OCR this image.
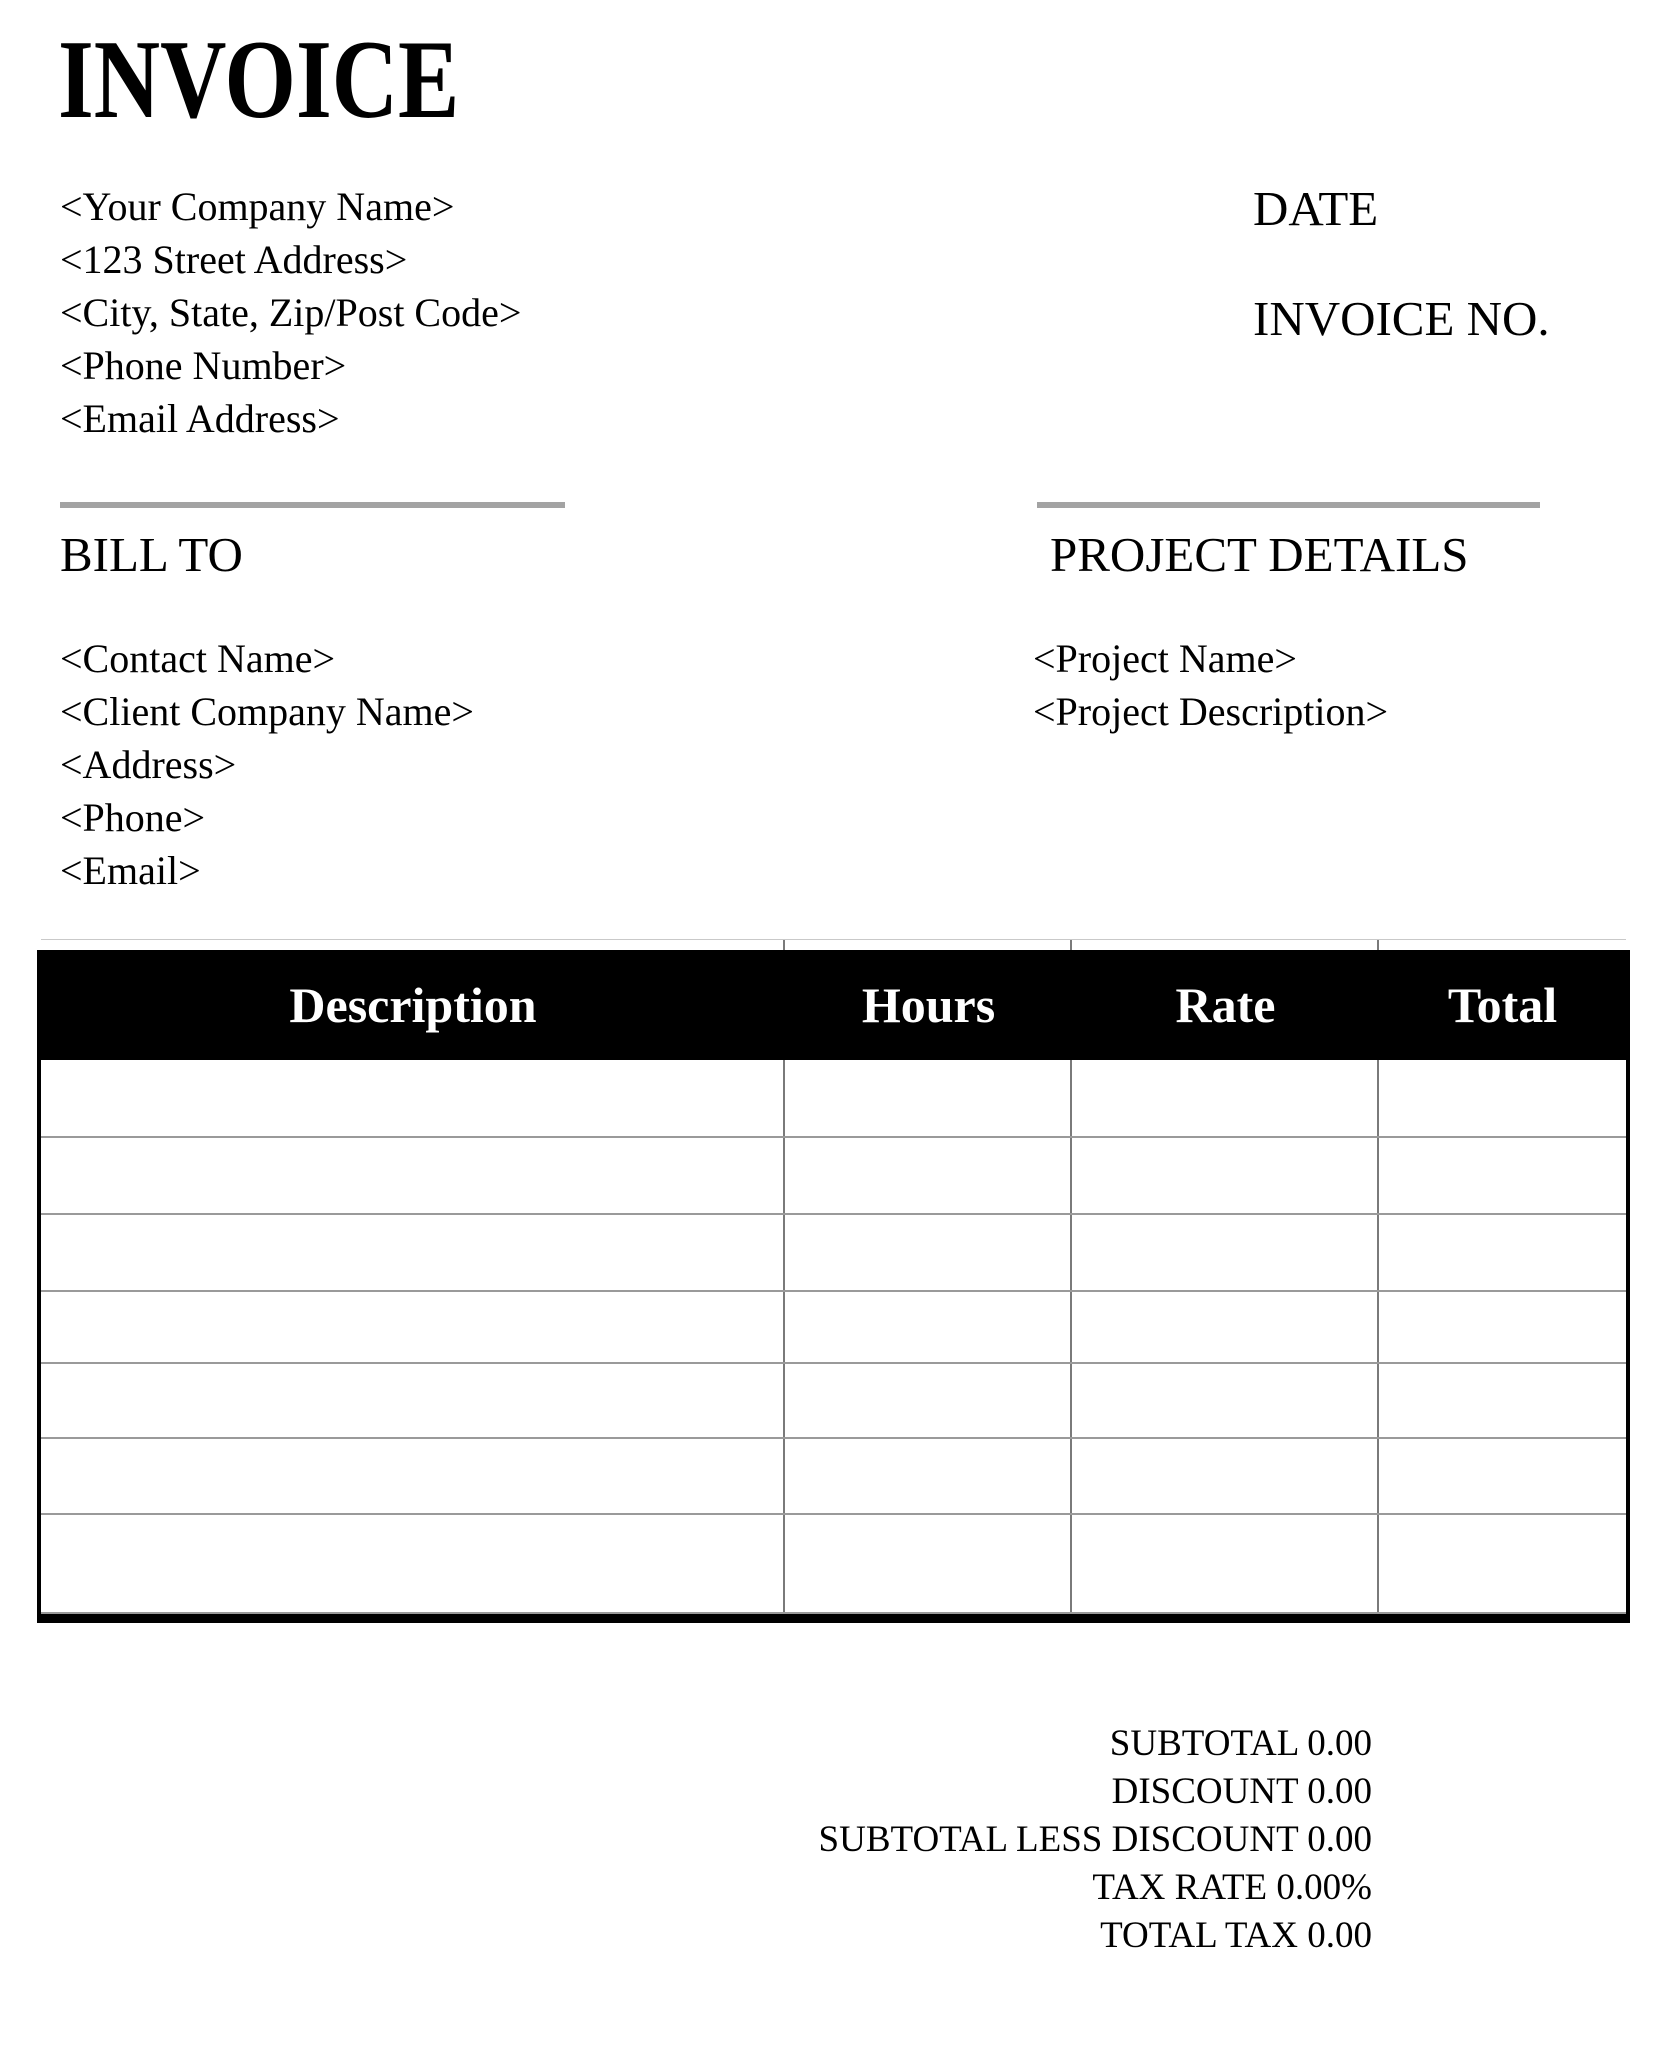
INVOICE
<Your Company Name>
<123 Street Address>
<City, State, Zip/Post Code>
<Phone Number>
<Email Address>
DATE
INVOICE NO.
BILL TO	PROJECT DETAILS
<Contact Name>
<Client Company Name>
<Address>
<Phone>
<Email>
<Project Name>
<Project Description>
Description	Hours	Rate	Total
SUBTOTAL 0.00
DISCOUNT 0.00
SUBTOTAL LESS DISCOUNT 0.00
TAX RATE 0.00%
TOTAL TAX 0.00
